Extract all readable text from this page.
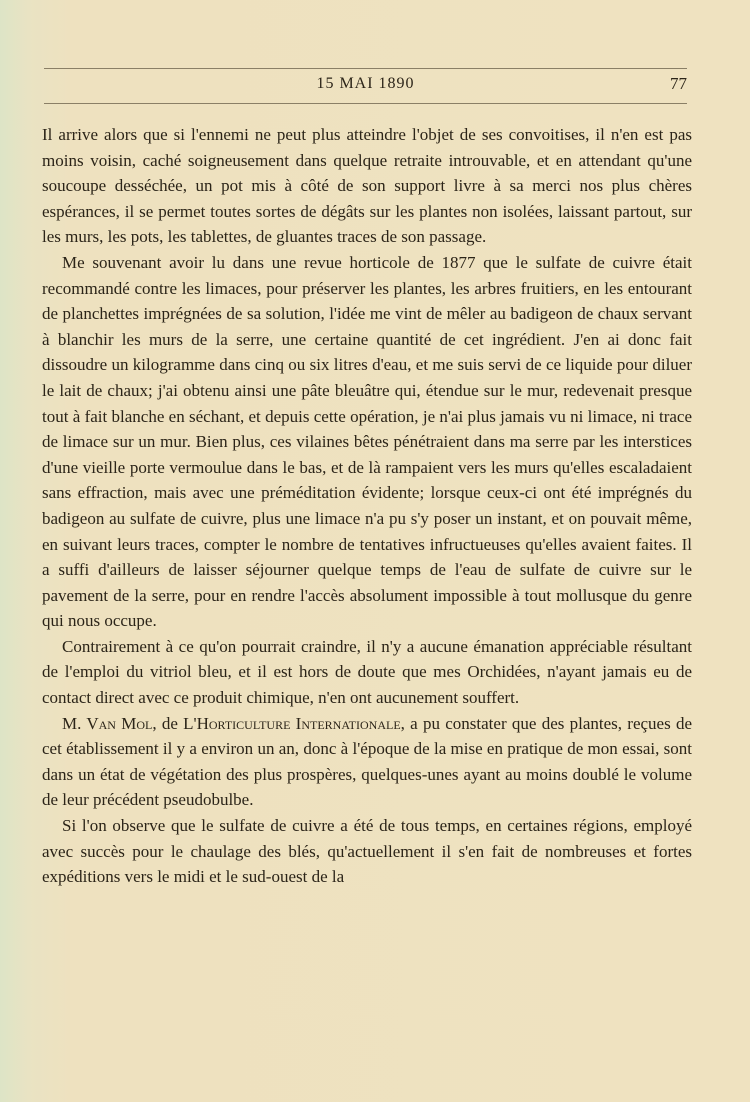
15 MAI 1890	77

Il arrive alors que si l'ennemi ne peut plus atteindre l'objet de ses convoitises, il n'en est pas moins voisin, caché soigneusement dans quelque retraite introuvable, et en attendant qu'une soucoupe desséchée, un pot mis à côté de son support livre à sa merci nos plus chères espérances, il se permet toutes sortes de dégâts sur les plantes non isolées, laissant partout, sur les murs, les pots, les tablettes, de gluantes traces de son passage.

Me souvenant avoir lu dans une revue horticole de 1877 que le sulfate de cuivre était recommandé contre les limaces, pour préserver les plantes, les arbres fruitiers, en les entourant de planchettes imprégnées de sa solution, l'idée me vint de mêler au badigeon de chaux servant à blanchir les murs de la serre, une certaine quantité de cet ingrédient. J'en ai donc fait dissoudre un kilogramme dans cinq ou six litres d'eau, et me suis servi de ce liquide pour diluer le lait de chaux; j'ai obtenu ainsi une pâte bleuâtre qui, étendue sur le mur, redevenait presque tout à fait blanche en séchant, et depuis cette opération, je n'ai plus jamais vu ni limace, ni trace de limace sur un mur. Bien plus, ces vilaines bêtes pénétraient dans ma serre par les interstices d'une vieille porte vermoulue dans le bas, et de là rampaient vers les murs qu'elles escaladaient sans effraction, mais avec une préméditation évidente; lorsque ceux-ci ont été imprégnés du badigeon au sulfate de cuivre, plus une limace n'a pu s'y poser un instant, et on pouvait même, en suivant leurs traces, compter le nombre de tentatives infructueuses qu'elles avaient faites. Il a suffi d'ailleurs de laisser séjourner quelque temps de l'eau de sulfate de cuivre sur le pavement de la serre, pour en rendre l'accès absolument impossible à tout mollusque du genre qui nous occupe.

Contrairement à ce qu'on pourrait craindre, il n'y a aucune émanation appréciable résultant de l'emploi du vitriol bleu, et il est hors de doute que mes Orchidées, n'ayant jamais eu de contact direct avec ce produit chimique, n'en ont aucunement souffert.

M. Van Mol, de L'Horticulture Internationale, a pu constater que des plantes, reçues de cet établissement il y a environ un an, donc à l'époque de la mise en pratique de mon essai, sont dans un état de végétation des plus prospères, quelques-unes ayant au moins doublé le volume de leur précédent pseudobulbe.

Si l'on observe que le sulfate de cuivre a été de tous temps, en certaines régions, employé avec succès pour le chaulage des blés, qu'actuellement il s'en fait de nombreuses et fortes expéditions vers le midi et le sud-ouest de la
